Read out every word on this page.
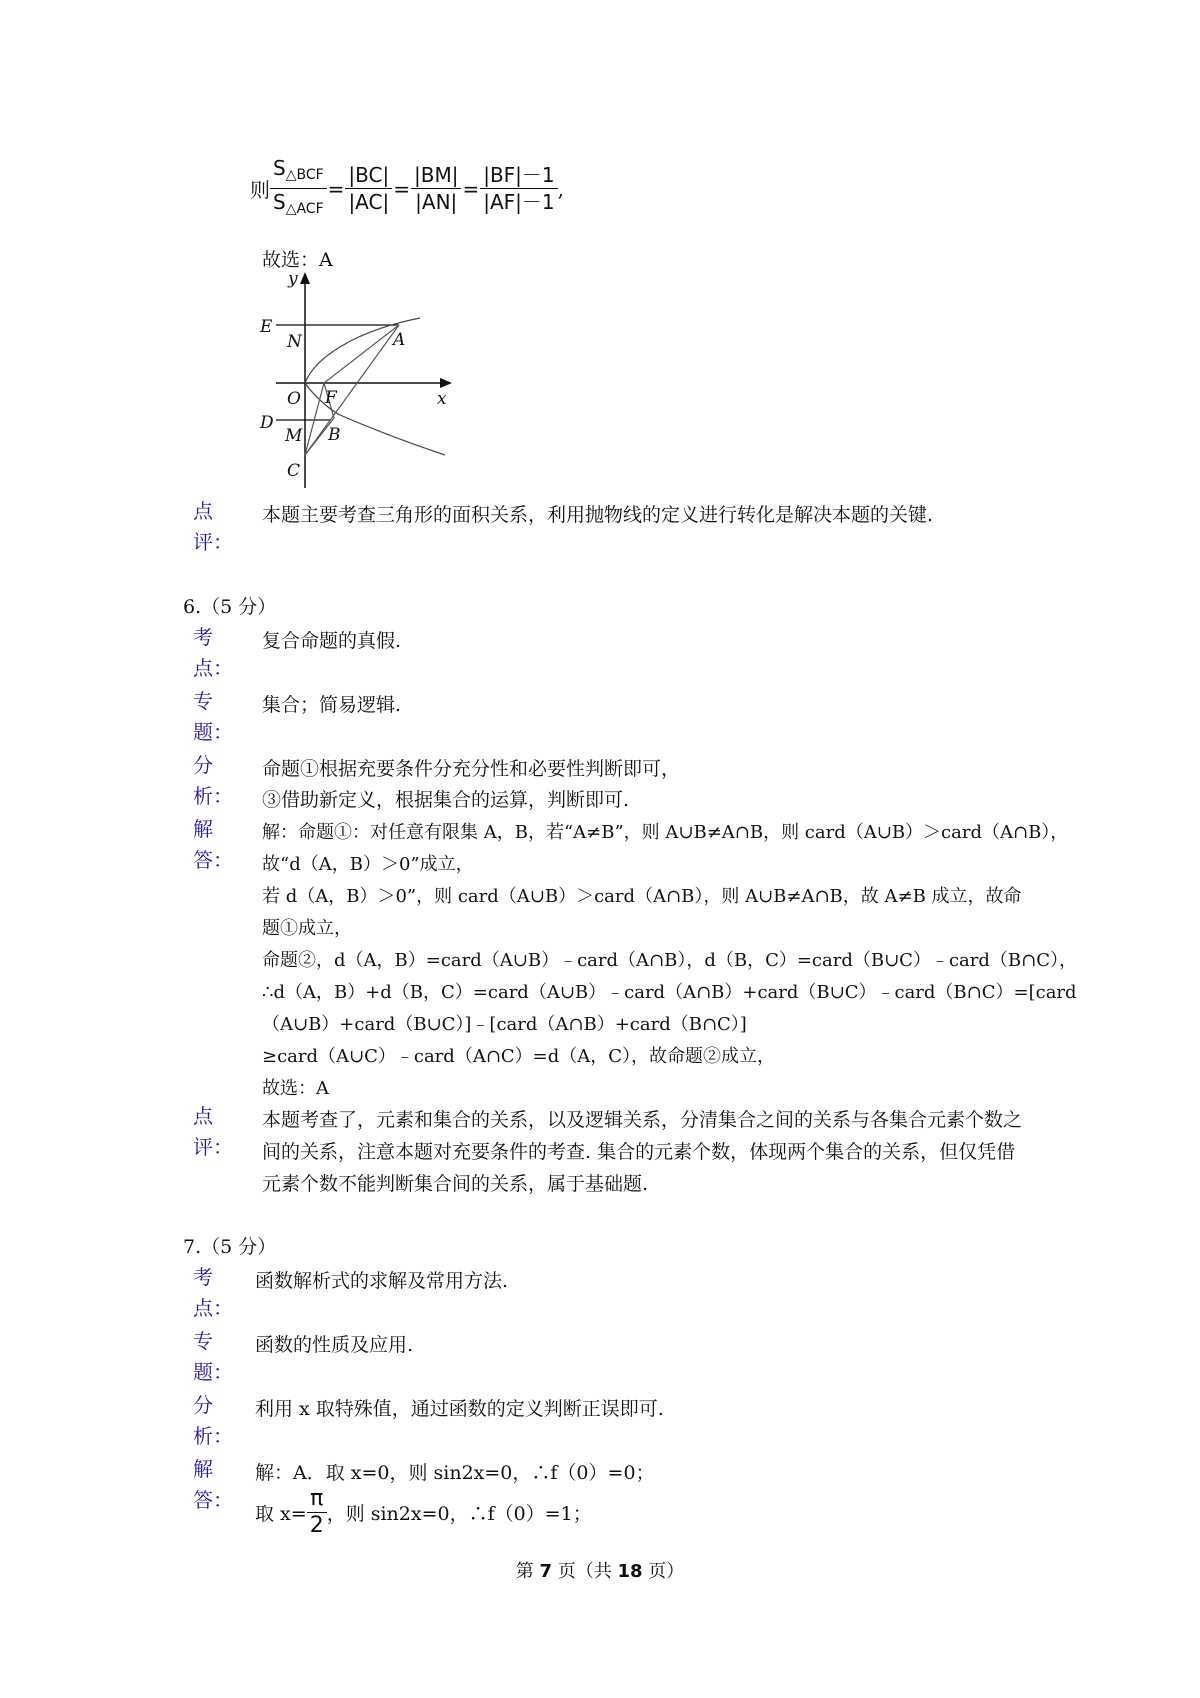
则 $\frac{S_{\triangle BCF}}{S_{\triangle ACF}} = \frac{|BC|}{|AC|} = \frac{|BM|}{|AN|} = \frac{|BF|-1}{|AF|-1}$ ,
故选：A
y
x
E
N	A
O F
D
M B
C
点
评：
本题主要考查三角形的面积关系，利用抛物线的定义进行转化是解决本题的关键.
6.（5 分）
考
点：
复合命题的真假.
专
题：
集合；简易逻辑.
分
析：
命题①根据充要条件分充分性和必要性判断即可，
③借助新定义，根据集合的运算，判断即可.
解
答：
解：命题①：对任意有限集 A，B，若“A≠B”，则 A∪B≠A∩B，则 card（A∪B）＞card（A∩B），
故“d（A，B）＞0”成立，
若 d（A，B）＞0”，则 card（A∪B）＞card（A∩B），则 A∪B≠A∩B，故 A≠B 成立，故命
题①成立，
命题②，d（A，B）=card（A∪B）﹣card（A∩B），d（B，C）=card（B∪C）﹣card（B∩C），
∴d（A，B）+d（B，C）=card（A∪B）﹣card（A∩B）+card（B∪C）﹣card（B∩C）=[card
（A∪B）+card（B∪C）]﹣[card（A∩B）+card（B∩C）]
≥card（A∪C）﹣card（A∩C）=d（A，C），故命题②成立，
故选：A
点
评：
本题考查了，元素和集合的关系，以及逻辑关系，分清集合之间的关系与各集合元素个数之
间的关系，注意本题对充要条件的考查. 集合的元素个数，体现两个集合的关系，但仅凭借
元素个数不能判断集合间的关系，属于基础题.
7.（5 分）
考
点：
函数解析式的求解及常用方法.
专
题：
函数的性质及应用.
分
析：
利用 x 取特殊值，通过函数的定义判断正误即可.
解
答：
解：A．取 x=0，则 sin2x=0，∴f（0）=0；
取 $x= \frac{\pi}{2}$ ，则 sin2x=0，∴f（0）=1；
第 7 页（共 18 页）
